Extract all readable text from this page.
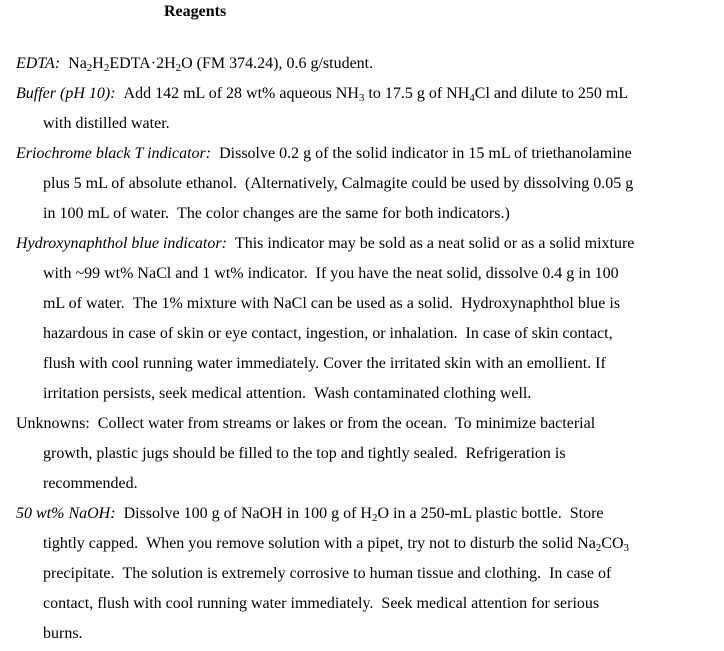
Reagents

EDTA: $Na_2H_2EDTA\cdot 2H_2O$ (FM 374.24), 0.6 g/student.

Buffer (pH 10): Add 142 mL of 28 wt% aqueous $NH_3$ to 17.5 g of $NH_4Cl$ and dilute to 250 mL
with distilled water.

Eriochrome black T indicator: Dissolve 0.2 g of the solid indicator in 15 mL of triethanolamine
plus 5 mL of absolute ethanol.  (Alternatively, Calmagite could be used by dissolving 0.05 g
in 100 mL of water.  The color changes are the same for both indicators.)

Hydroxynaphthol blue indicator: This indicator may be sold as a neat solid or as a solid mixture
with ~99 wt% NaCl and 1 wt% indicator.  If you have the neat solid, dissolve 0.4 g in 100
mL of water.  The 1% mixture with NaCl can be used as a solid.  Hydroxynaphthol blue is
hazardous in case of skin or eye contact, ingestion, or inhalation.  In case of skin contact,
flush with cool running water immediately. Cover the irritated skin with an emollient. If
irritation persists, seek medical attention.  Wash contaminated clothing well.

Unknowns: Collect water from streams or lakes or from the ocean.  To minimize bacterial
growth, plastic jugs should be filled to the top and tightly sealed.  Refrigeration is
recommended.

50 wt% NaOH: Dissolve 100 g of NaOH in 100 g of $H_2O$ in a 250-mL plastic bottle.  Store
tightly capped.  When you remove solution with a pipet, try not to disturb the solid $Na_2CO_3$
precipitate.  The solution is extremely corrosive to human tissue and clothing.  In case of
contact, flush with cool running water immediately.  Seek medical attention for serious
burns.
